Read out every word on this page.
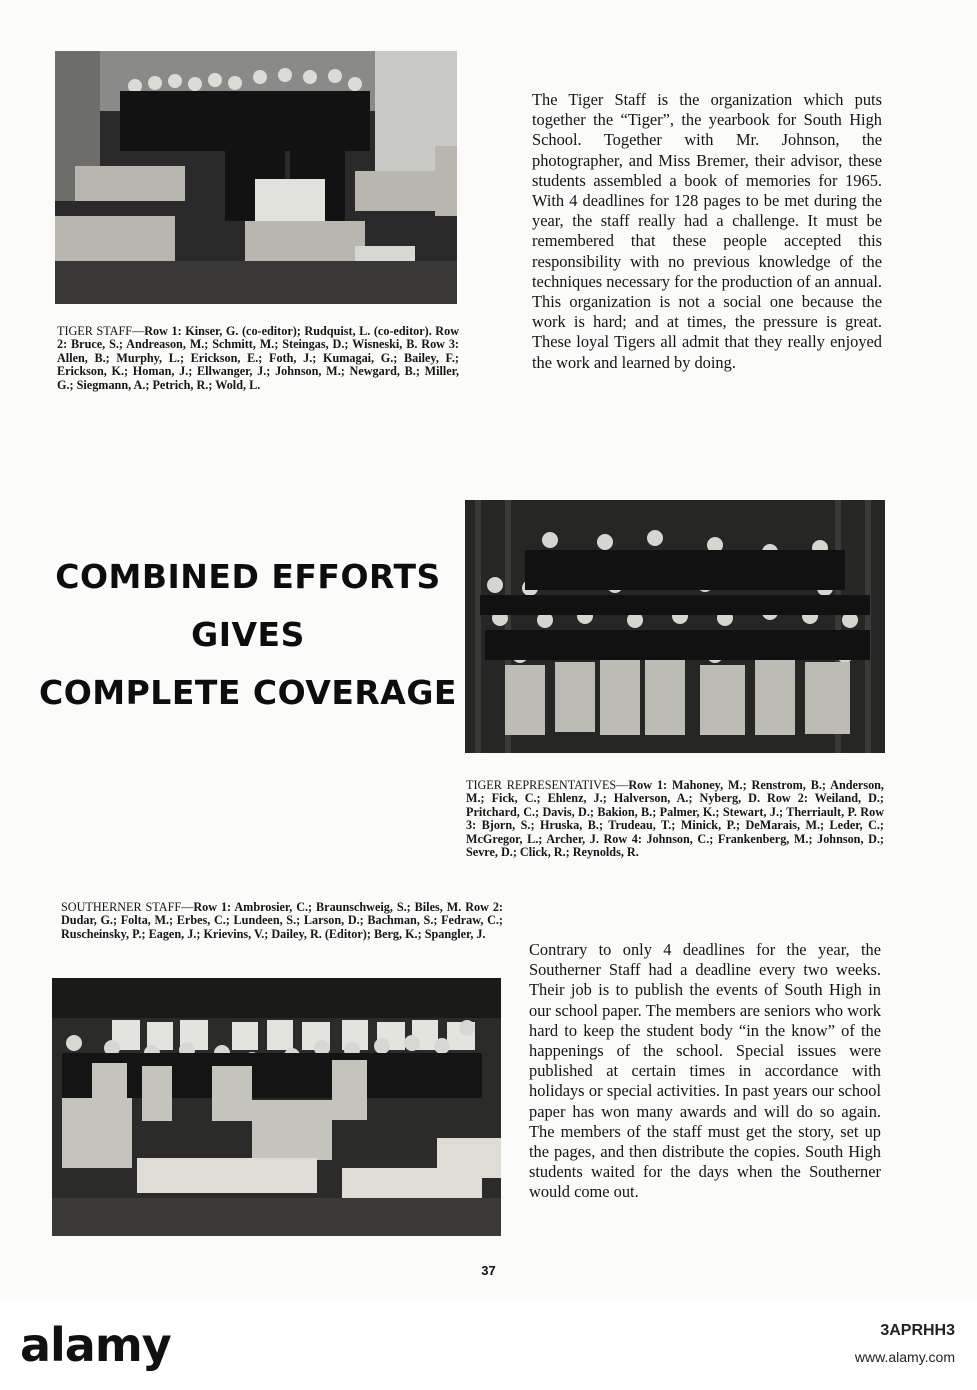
TIGER STAFF—Row 1: Kinser, G. (co-editor); Rudquist, L. (co-editor). Row 2: Bruce, S.; Andreason, M.; Schmitt, M.; Steingas, D.; Wisneski, B. Row 3: Allen, B.; Murphy, L.; Erickson, E.; Foth, J.; Kumagai, G.; Bailey, F.; Erickson, K.; Homan, J.; Ellwanger, J.; Johnson, M.; Newgard, B.; Miller, G.; Siegmann, A.; Petrich, R.; Wold, L.
The Tiger Staff is the organization which puts together the “Tiger”, the yearbook for South High School. Together with Mr. Johnson, the photographer, and Miss Bremer, their advisor, these students assembled a book of memories for 1965. With 4 deadlines for 128 pages to be met during the year, the staff really had a challenge. It must be remembered that these people accepted this responsibility with no previous knowledge of the techniques necessary for the production of an annual. This organization is not a social one because the work is hard; and at times, the pressure is great. These loyal Tigers all admit that they really enjoyed the work and learned by doing.
COMBINED EFFORTS
GIVES
COMPLETE COVERAGE
TIGER REPRESENTATIVES—Row 1: Mahoney, M.; Renstrom, B.; Anderson, M.; Fick, C.; Ehlenz, J.; Halverson, A.; Nyberg, D. Row 2: Weiland, D.; Pritchard, C.; Davis, D.; Bakion, B.; Palmer, K.; Stewart, J.; Therriault, P. Row 3: Bjorn, S.; Hruska, B.; Trudeau, T.; Minick, P.; DeMarais, M.; Leder, C.; McGregor, L.; Archer, J. Row 4: Johnson, C.; Frankenberg, M.; Johnson, D.; Sevre, D.; Click, R.; Reynolds, R.
SOUTHERNER STAFF—Row 1: Ambrosier, C.; Braunschweig, S.; Biles, M. Row 2: Dudar, G.; Folta, M.; Erbes, C.; Lundeen, S.; Larson, D.; Bachman, S.; Fedraw, C.; Ruscheinsky, P.; Eagen, J.; Krievins, V.; Dailey, R. (Editor); Berg, K.; Spangler, J.
Contrary to only 4 deadlines for the year, the Southerner Staff had a deadline every two weeks. Their job is to publish the events of South High in our school paper. The members are seniors who work hard to keep the student body “in the know” of the happenings of the school. Special issues were published at certain times in accordance with holidays or special activities. In past years our school paper has won many awards and will do so again. The members of the staff must get the story, set up the pages, and then distribute the copies. South High students waited for the days when the Southerner would come out.
37
alamy	3APRHH3
www.alamy.com
